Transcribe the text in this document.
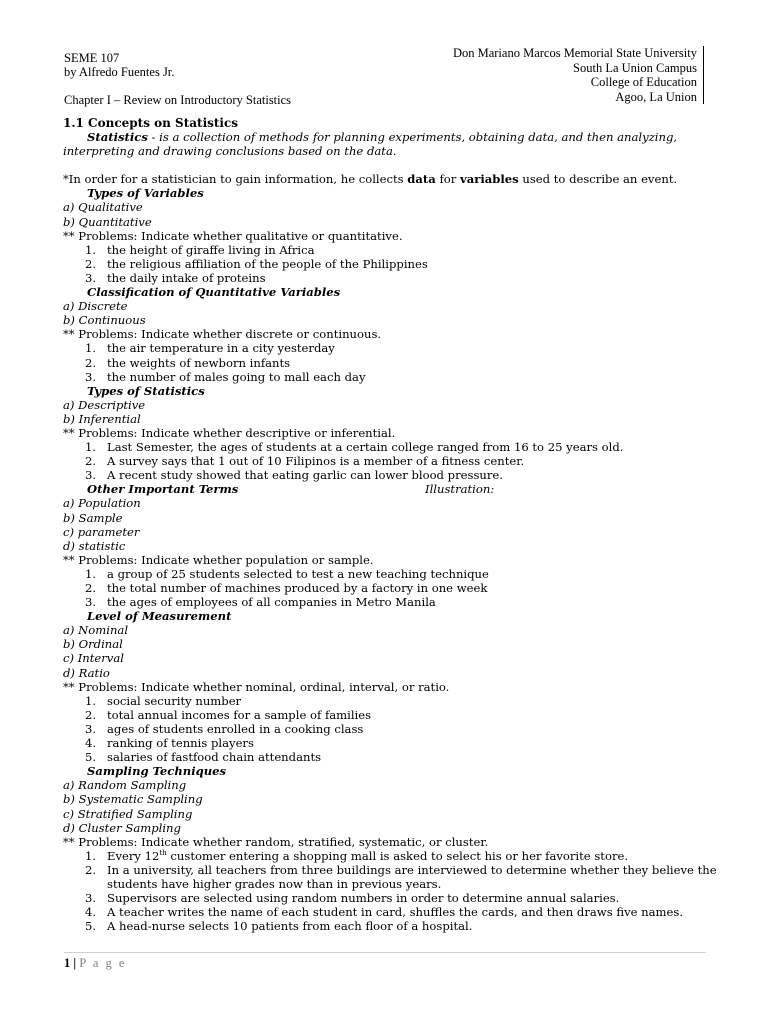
SEME 107
by Alfredo Fuentes Jr.
Don Mariano Marcos Memorial State University
South La Union Campus
College of Education
Agoo, La Union
Chapter I – Review on Introductory Statistics
1.1 Concepts on Statistics
Statistics - is a collection of methods for planning experiments, obtaining data, and then analyzing, interpreting and drawing conclusions based on the data.
*In order for a statistician to gain information, he collects data for variables used to describe an event.
Types of Variables
a) Qualitative
b) Quantitative
** Problems: Indicate whether qualitative or quantitative.
1. the height of giraffe living in Africa
2. the religious affiliation of the people of the Philippines
3. the daily intake of proteins
Classification of Quantitative Variables
a) Discrete
b) Continuous
** Problems: Indicate whether discrete or continuous.
1. the air temperature in a city yesterday
2. the weights of newborn infants
3. the number of males going to mall each day
Types of Statistics
a) Descriptive
b) Inferential
** Problems: Indicate whether descriptive or inferential.
1. Last Semester, the ages of students at a certain college ranged from 16 to 25 years old.
2. A survey says that 1 out of 10 Filipinos is a member of a fitness center.
3. A recent study showed that eating garlic can lower blood pressure.
Other Important Terms	Illustration:
a) Population
b) Sample
c) parameter
d) statistic
** Problems: Indicate whether population or sample.
1. a group of 25 students selected to test a new teaching technique
2. the total number of machines produced by a factory in one week
3. the ages of employees of all companies in Metro Manila
Level of Measurement
a) Nominal
b) Ordinal
c) Interval
d) Ratio
** Problems: Indicate whether nominal, ordinal, interval, or ratio.
1. social security number
2. total annual incomes for a sample of families
3. ages of students enrolled in a cooking class
4. ranking of tennis players
5. salaries of fastfood chain attendants
Sampling Techniques
a) Random Sampling
b) Systematic Sampling
c) Stratified Sampling
d) Cluster Sampling
** Problems: Indicate whether random, stratified, systematic, or cluster.
1. Every 12th customer entering a shopping mall is asked to select his or her favorite store.
2. In a university, all teachers from three buildings are interviewed to determine whether they believe the students have higher grades now than in previous years.
3. Supervisors are selected using random numbers in order to determine annual salaries.
4. A teacher writes the name of each student in card, shuffles the cards, and then draws five names.
5. A head-nurse selects 10 patients from each floor of a hospital.
1 | P a g e
